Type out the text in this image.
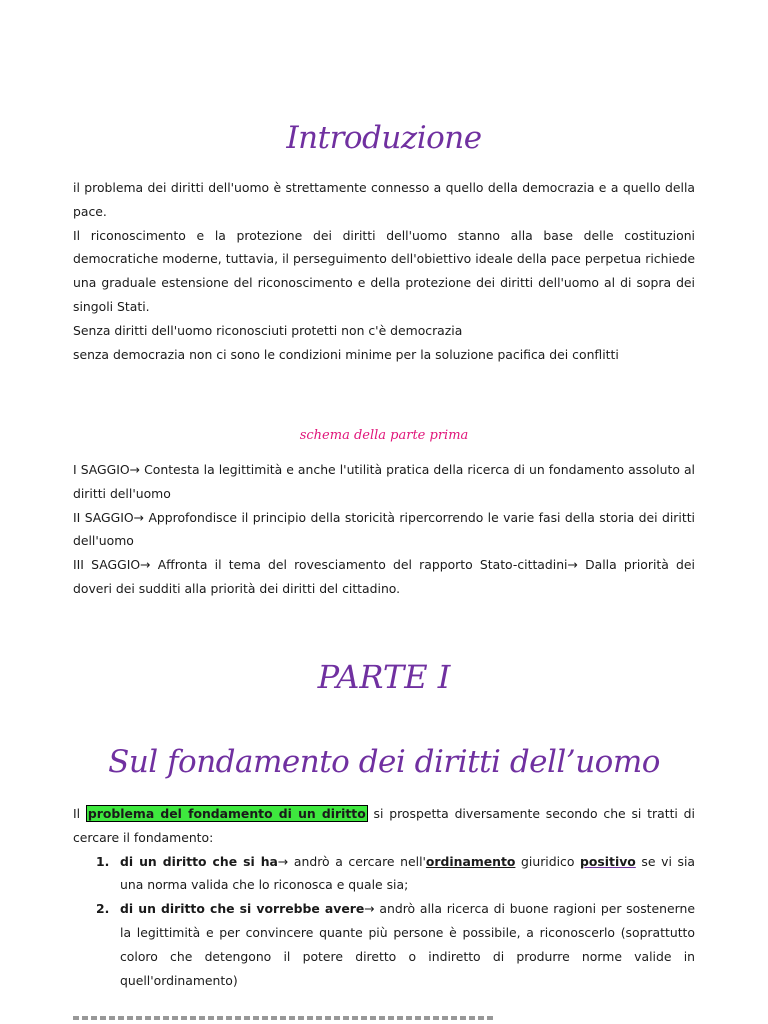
Introduzione

il problema dei diritti dell'uomo è strettamente connesso a quello della democrazia e a quello della pace.

Il riconoscimento e la protezione dei diritti dell'uomo stanno alla base delle costituzioni democratiche moderne, tuttavia, il perseguimento dell'obiettivo ideale della pace perpetua richiede una graduale estensione del riconoscimento e della protezione dei diritti dell'uomo al di sopra dei singoli Stati.

Senza diritti dell'uomo riconosciuti protetti non c'è democrazia

senza democrazia non ci sono le condizioni minime per la soluzione pacifica dei conflitti

schema della parte prima

I SAGGIO→ Contesta la legittimità e anche l'utilità pratica della ricerca di un fondamento assoluto al diritti dell'uomo

II SAGGIO→ Approfondisce il principio della storicità ripercorrendo le varie fasi della storia dei diritti dell'uomo

III SAGGIO→ Affronta il tema del rovesciamento del rapporto Stato-cittadini→ Dalla priorità dei doveri dei sudditi alla priorità dei diritti del cittadino.

PARTE I
Sul fondamento dei diritti dell’uomo

Il problema del fondamento di un diritto si prospetta diversamente secondo che si tratti di cercare il fondamento:

1. di un diritto che si ha→ andrò a cercare nell'ordinamento giuridico positivo se vi sia una norma valida che lo riconosca e quale sia;
2. di un diritto che si vorrebbe avere→ andrò alla ricerca di buone ragioni per sostenerne la legittimità e per convincere quante più persone è possibile, a riconoscerlo (soprattutto coloro che detengono il potere diretto o indiretto di produrre norme valide in quell'ordinamento)
